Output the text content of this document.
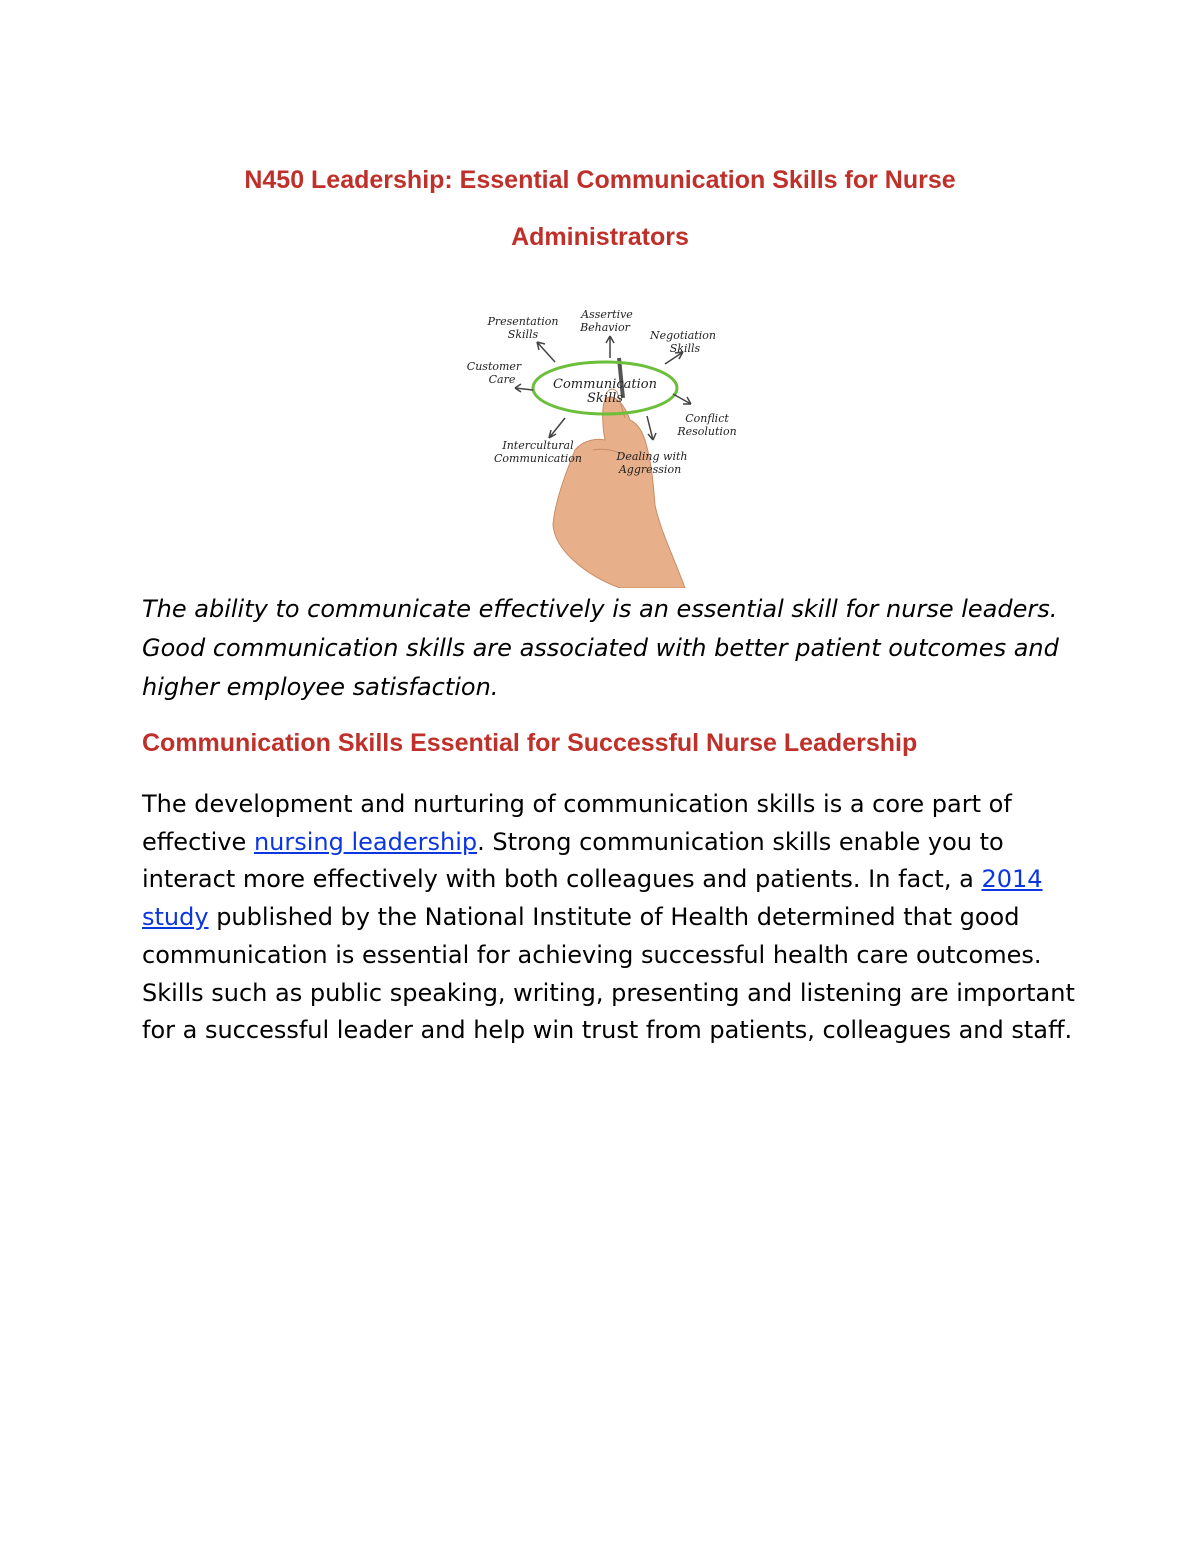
N450 Leadership: Essential Communication Skills for Nurse
Administrators
Communication
Skills
Presentation
Skills
Assertive
Behavior
Negotiation
Skills
Customer
Care
Conflict
Resolution
Intercultural
Communication	Dealing with
Aggression

The ability to communicate effectively is an essential skill for nurse leaders. Good communication skills are associated with better patient outcomes and higher employee satisfaction.

Communication Skills Essential for Successful Nurse Leadership

The development and nurturing of communication skills is a core part of effective nursing leadership. Strong communication skills enable you to interact more effectively with both colleagues and patients. In fact, a 2014 study published by the National Institute of Health determined that good communication is essential for achieving successful health care outcomes. Skills such as public speaking, writing, presenting and listening are important for a successful leader and help win trust from patients, colleagues and staff.
